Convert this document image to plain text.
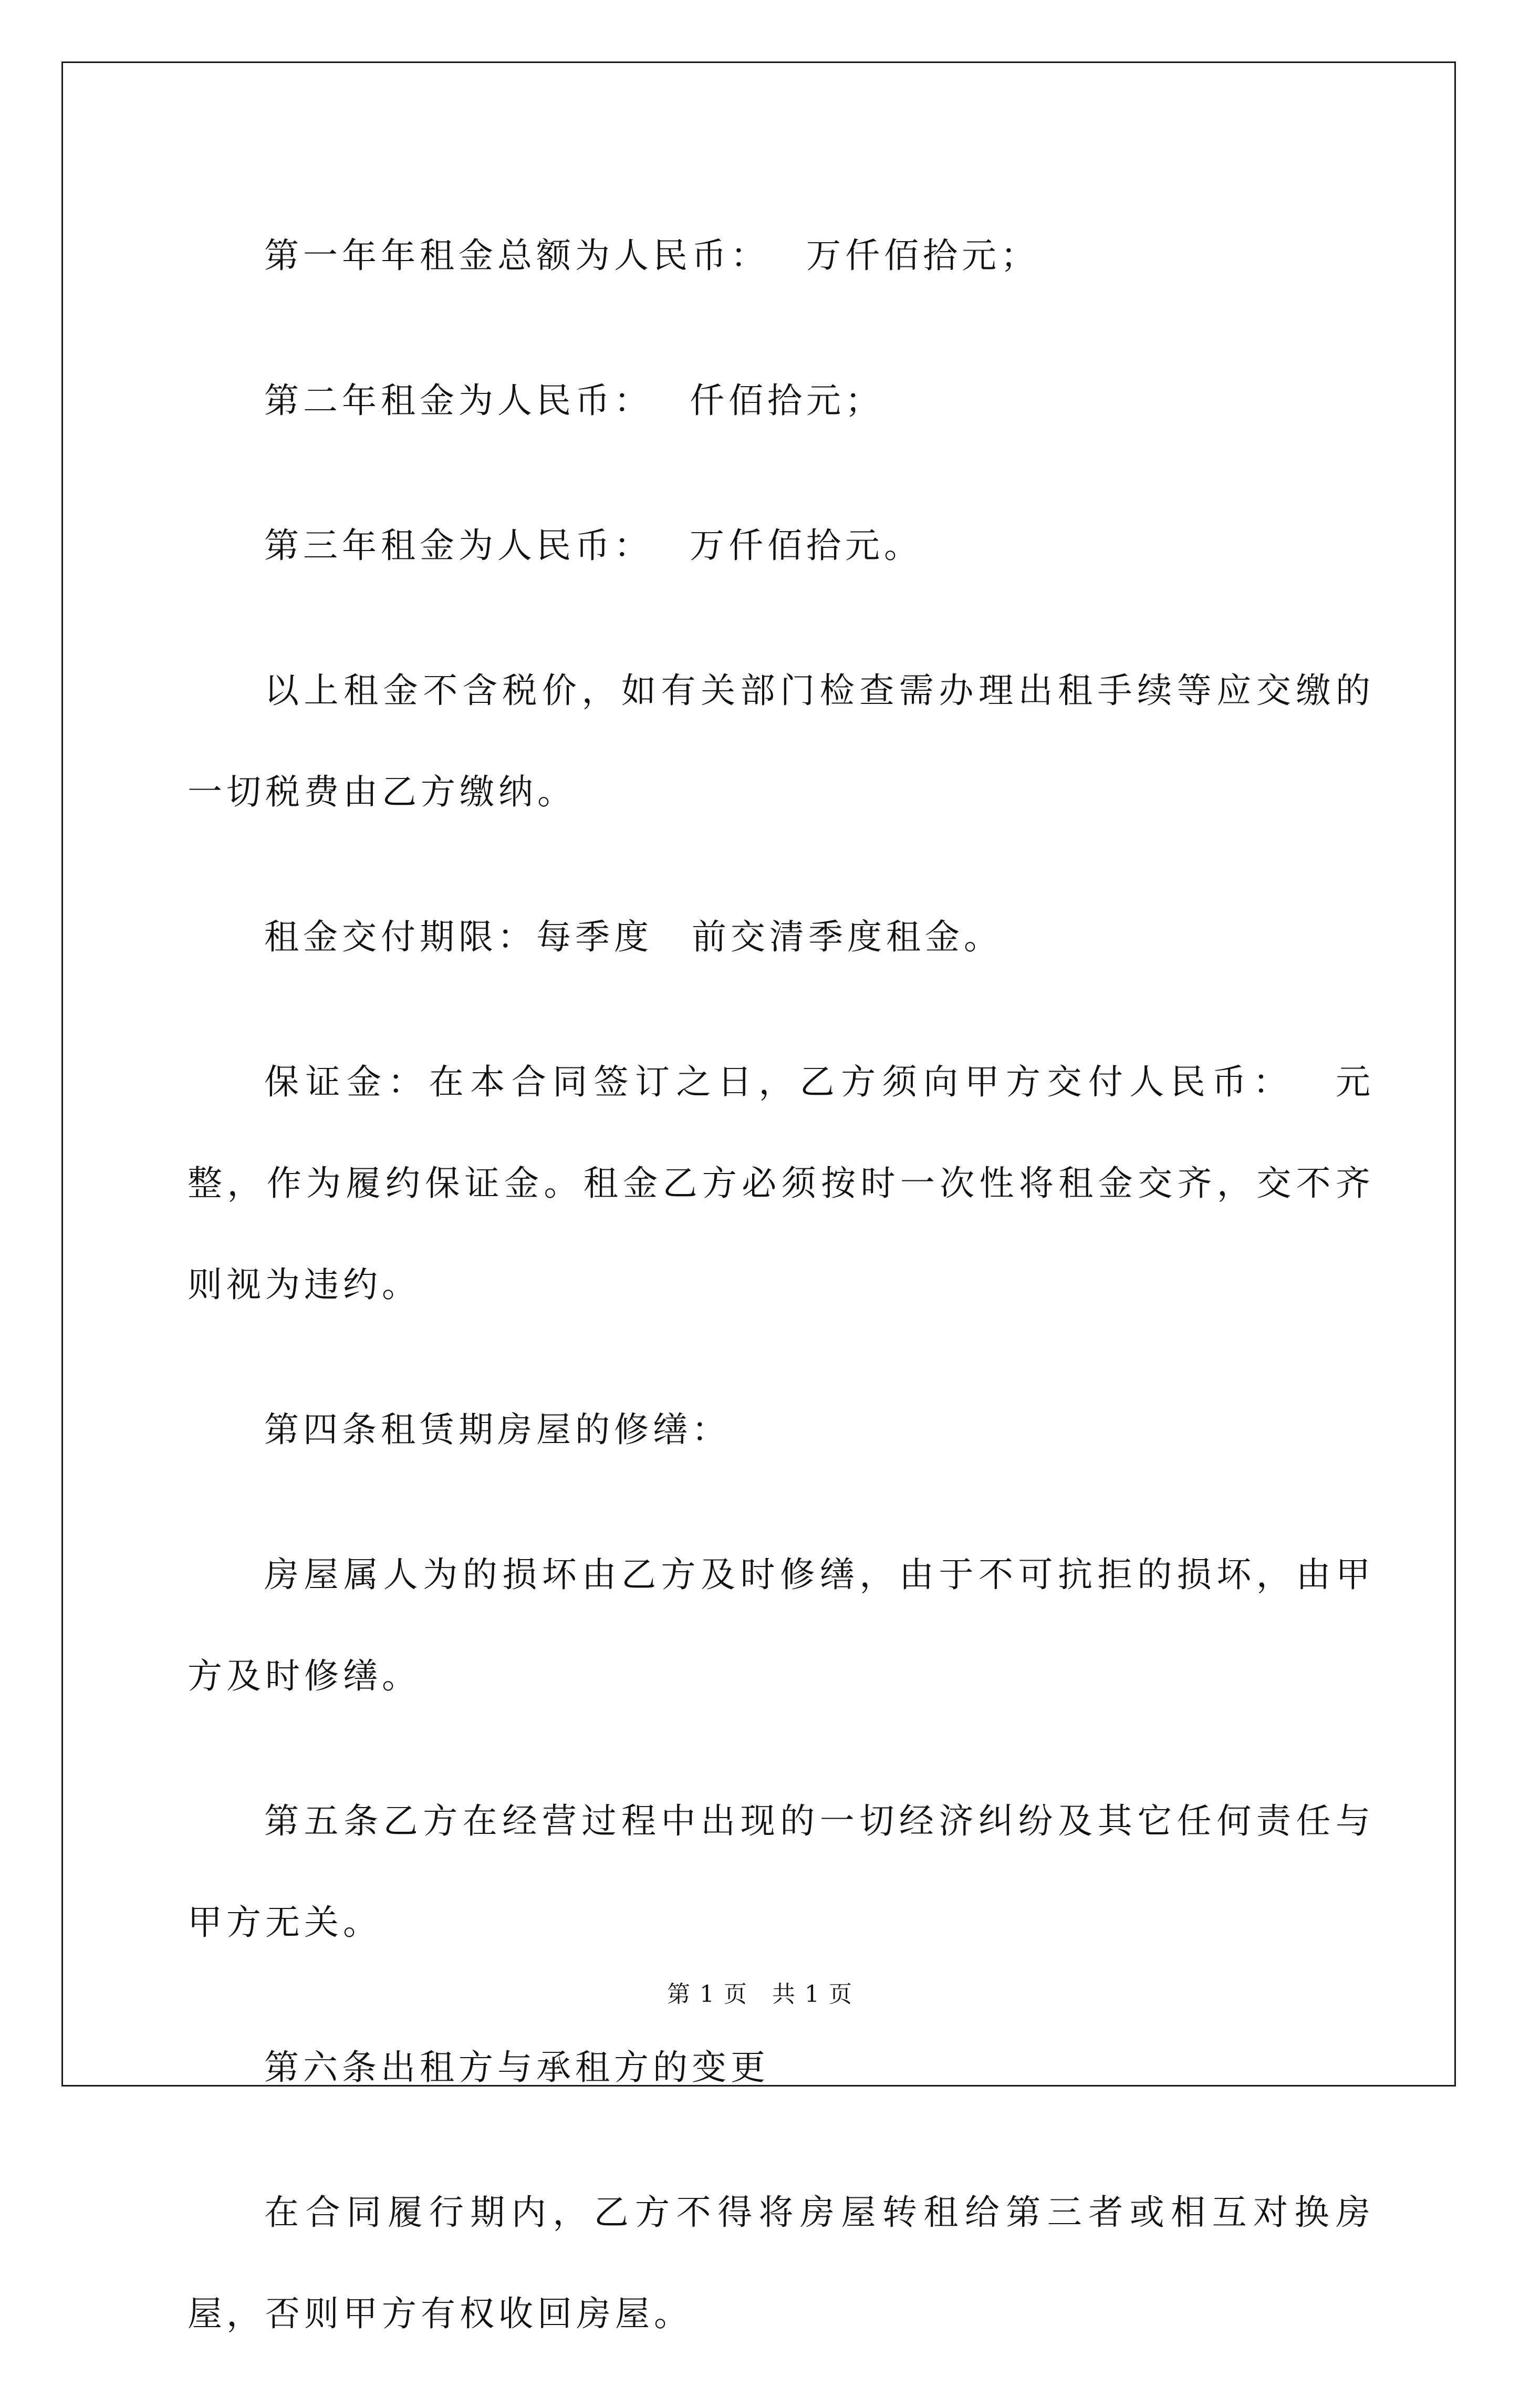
第一年年租金总额为人民币：　 万仟佰拾元；

第二年租金为人民币：　 仟佰拾元；

第三年租金为人民币：　 万仟佰拾元。

以上租金不含税价，如有关部门检查需办理出租手续等应交缴的一切税费由乙方缴纳。

租金交付期限：每季度　前交清季度租金。

保证金：在本合同签订之日，乙方须向甲方交付人民币：　 元整，作为履约保证金。租金乙方必须按时一次性将租金交齐，交不齐则视为违约。

第四条租赁期房屋的修缮：

房屋属人为的损坏由乙方及时修缮，由于不可抗拒的损坏，由甲方及时修缮。

第五条乙方在经营过程中出现的一切经济纠纷及其它任何责任与甲方无关。

第六条出租方与承租方的变更

在合同履行期内，乙方不得将房屋转租给第三者或相互对换房屋，否则甲方有权收回房屋。

第 1 页　共 1 页
